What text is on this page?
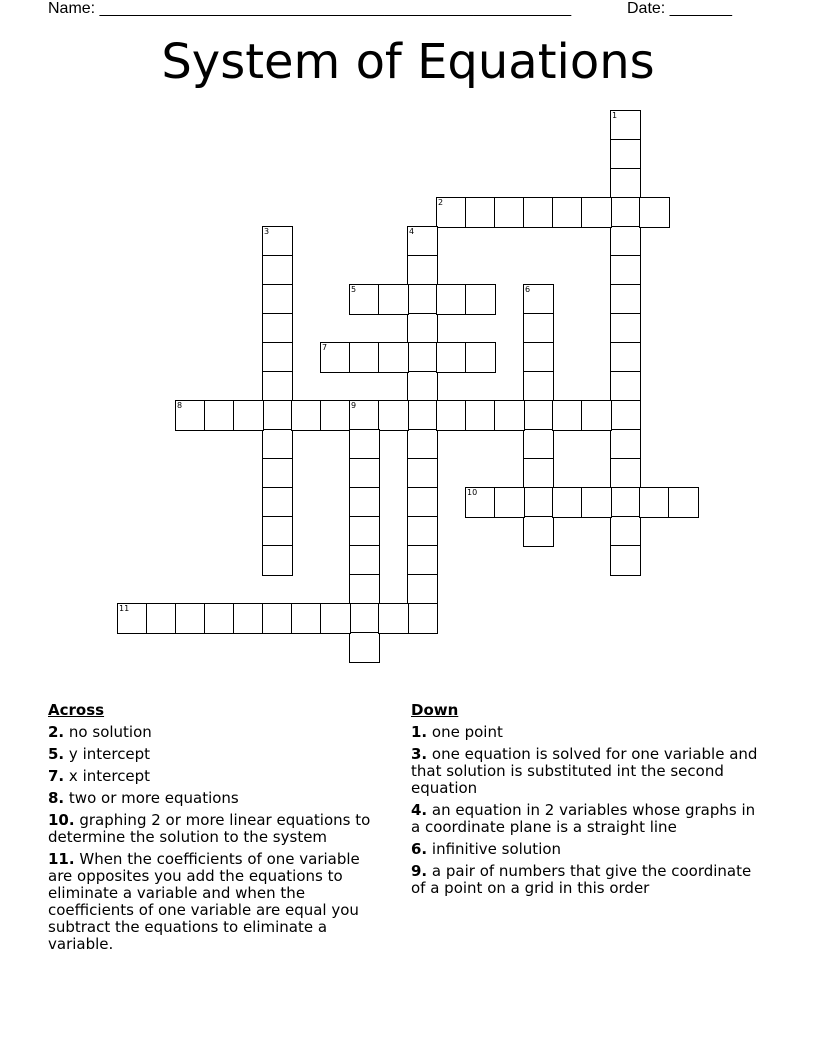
Name: _____________________________________________________	Date: _______
System of Equations
1
2
3	4
5	6
7
8	9
10
11
Across
2. no solution
5. y intercept
7. x intercept
8. two or more equations
10. graphing 2 or more linear equations to determine the solution to the system
11. When the coefficients of one variable are opposites you add the equations to eliminate a variable and when the coefficients of one variable are equal you subtract the equations to eliminate a variable.
Down
1. one point
3. one equation is solved for one variable and that solution is substituted int the second equation
4. an equation in 2 variables whose graphs in a coordinate plane is a straight line
6. infinitive solution
9. a pair of numbers that give the coordinate of a point on a grid in this order
